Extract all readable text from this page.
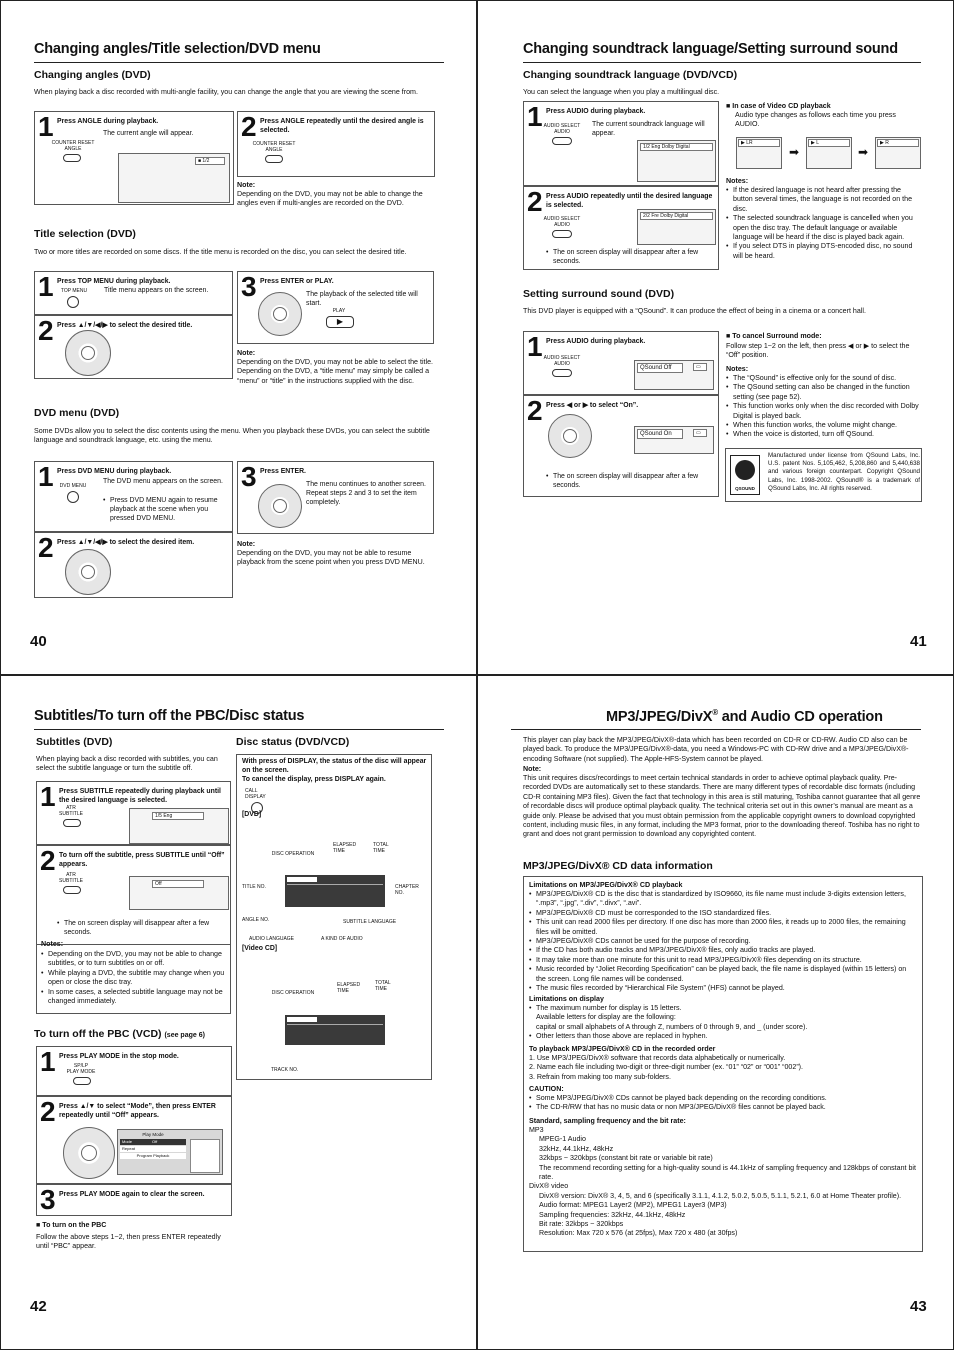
Changing angles/Title selection/DVD menu
Changing angles (DVD)
When playing back a disc recorded with multi-angle facility, you can change the angle that you are viewing the scene from.
1 Press ANGLE during playback.
The current angle will appear.
COUNTER RESET
ANGLE
■ 1/2
2 Press ANGLE repeatedly until the desired angle is selected.
COUNTER RESET
ANGLE
Note:
Depending on the DVD, you may not be able to change the angles even if multi-angles are recorded on the DVD.
Title selection (DVD)
Two or more titles are recorded on some discs. If the title menu is recorded on the disc, you can select the desired title.
1 Press TOP MENU during playback.
Title menu appears on the screen.
TOP MENU
2 Press ▲/▼/◀/▶ to select the desired title.
3 Press ENTER or PLAY.
The playback of the selected title will start.
PLAY
▶
Note:
Depending on the DVD, you may not be able to select the title. Depending on the DVD, a “title menu” may simply be called a “menu” or “title” in the instructions supplied with the disc.
DVD menu (DVD)
Some DVDs allow you to select the disc contents using the menu. When you playback these DVDs, you can select the subtitle language and soundtrack language, etc. using the menu.
1 Press DVD MENU during playback.
The DVD menu appears on the screen.
• Press DVD MENU again to resume playback at the scene when you pressed DVD MENU.
DVD MENU
2 Press ▲/▼/◀/▶ to select the desired item.
3 Press ENTER.
The menu continues to another screen. Repeat steps 2 and 3 to set the item completely.
Note:
Depending on the DVD, you may not be able to resume playback from the scene point when you press DVD MENU.
40
Changing soundtrack language/Setting surround sound
Changing soundtrack language (DVD/VCD)
You can select the language when you play a multilingual disc.
1 Press AUDIO during playback.
The current soundtrack language will appear.
AUDIO SELECT
AUDIO
1/2 Eng Dolby Digital
2 Press AUDIO repeatedly until the desired language is selected.
AUDIO SELECT
AUDIO
2/2 Fre Dolby Digital
• The on screen display will disappear after a few seconds.
■ In case of Video CD playback
Audio type changes as follows each time you press AUDIO.
▶ LR
➡
▶ L
➡
▶ R
Notes:
• If the desired language is not heard after pressing the button several times, the language is not recorded on the disc.
• The selected soundtrack language is cancelled when you open the disc tray. The default language or available language will be heard if the disc is played back again.
• If you select DTS in playing DTS-encoded disc, no sound will be heard.
Setting surround sound (DVD)
This DVD player is equipped with a “QSound”. It can produce the effect of being in a cinema or a concert hall.
1 Press AUDIO during playback.
AUDIO SELECT
AUDIO
QSound Off	▭
2 Press ◀ or ▶ to select “On”.
QSound On	▭
• The on screen display will disappear after a few seconds.
■ To cancel Surround mode:
Follow step 1~2 on the left, then press ◀ or ▶ to select the “Off” position.
Notes:
• The “QSound” is effective only for the sound of disc.
• The QSound setting can also be changed in the function setting (see page 52).
• This function works only when the disc recorded with Dolby Digital is played back.
• When this function works, the volume might change.
• When the voice is distorted, turn off QSound.
QSOUND
Manufactured under license from QSound Labs, Inc. U.S. patent Nos. 5,105,462, 5,208,860 and 5,440,638 and various foreign counterpart. Copyright QSound Labs, Inc. 1998-2002. QSound® is a trademark of QSound Labs, Inc. All rights reserved.
41
Subtitles/To turn off the PBC/Disc status
Subtitles (DVD)
When playing back a disc recorded with subtitles, you can select the subtitle language or turn the subtitle off.
1 Press SUBTITLE repeatedly during playback until the desired language is selected.
ATR
SUBTITLE	1/5 Eng
2 To turn off the subtitle, press SUBTITLE until “Off” appears.
ATR
SUBTITLE	Off
• The on screen display will disappear after a few seconds.
Notes:
• Depending on the DVD, you may not be able to change subtitles, or to turn subtitles on or off.
• While playing a DVD, the subtitle may change when you open or close the disc tray.
• In some cases, a selected subtitle language may not be changed immediately.
To turn off the PBC (VCD) (see page 6)
1 Press PLAY MODE in the stop mode.
SP/LP
PLAY MODE
2 Press ▲/▼ to select “Mode”, then press ENTER repeatedly until “Off” appears.
Play Mode
Mode	Off
Repeat
Program Playback
3 Press PLAY MODE again to clear the screen.
■ To turn on the PBC
Follow the above steps 1~2, then press ENTER repeatedly until “PBC” appear.
Disc status (DVD/VCD)
With press of DISPLAY, the status of the disc will appear on the screen.
To cancel the display, press DISPLAY again.
CALL
DISPLAY
[DVD]
DISC OPERATION
ELAPSED TIME
TOTAL TIME
TITLE NO.	CHAPTER NO.
ANGLE NO.	SUBTITLE LANGUAGE
AUDIO LANGUAGE	A KIND OF AUDIO
[Video CD]
DISC OPERATION
ELAPSED TIME
TOTAL TIME
TRACK NO.
42
MP3/JPEG/DivX® and Audio CD operation
This player can play back the MP3/JPEG/DivX®-data which has been recorded on CD-R or CD-RW. Audio CD also can be played back. To produce the MP3/JPEG/DivX®-data, you need a Windows-PC with CD-RW drive and a MP3/JPEG/DivX®-encoding Software (not supplied). The Apple-HFS-System cannot be played.
Note:
This unit requires discs/recordings to meet certain technical standards in order to achieve optimal playback quality. Pre-recorded DVDs are automatically set to these standards. There are many different types of recordable disc formats (including CD-R containing MP3 files). Given the fact that technology in this area is still maturing, Toshiba cannot guarantee that all genre of recordable discs will produce optimal playback quality. The technical criteria set out in this owner’s manual are meant as a guide only. Please be advised that you must obtain permission from the applicable copyright owners to download copyrighted content, including music files, in any format, including the MP3 format, prior to the downloading thereof. Toshiba has no right to grant and does not grant permission to download any copyrighted content.
MP3/JPEG/DivX® CD data information
Limitations on MP3/JPEG/DivX® CD playback
• MP3/JPEG/DivX® CD is the disc that is standardized by ISO9660, its file name must include 3-digits extension letters, “.mp3”, “.jpg”, “.div”, “.divx”, “.avi”.
• MP3/JPEG/DivX® CD must be corresponded to the ISO standardized files.
• This unit can read 2000 files per directory. If one disc has more than 2000 files, it reads up to 2000 files, the remaining files will be omitted.
• MP3/JPEG/DivX® CDs cannot be used for the purpose of recording.
• If the CD has both audio tracks and MP3/JPEG/DivX® files, only audio tracks are played.
• It may take more than one minute for this unit to read MP3/JPEG/DivX® files depending on its structure.
• Music recorded by “Joliet Recording Specification” can be played back, the file name is displayed (within 15 letters) on the screen. Long file names will be condensed.
• The music files recorded by “Hierarchical File System” (HFS) cannot be played.
Limitations on display
• The maximum number for display is 15 letters.
Available letters for display are the following:
capital or small alphabets of A through Z, numbers of 0 through 9, and _ (under score).
• Other letters than those above are replaced in hyphen.
To playback MP3/JPEG/DivX® CD in the recorded order
1. Use MP3/JPEG/DivX® software that records data alphabetically or numerically.
2. Name each file including two-digit or three-digit number (ex. “01” “02” or “001” “002”).
3. Refrain from making too many sub-folders.
CAUTION:
• Some MP3/JPEG/DivX® CDs cannot be played back depending on the recording conditions.
• The CD-R/RW that has no music data or non MP3/JPEG/DivX® files cannot be played back.
Standard, sampling frequency and the bit rate:
MP3
MPEG-1 Audio
32kHz, 44.1kHz, 48kHz
32kbps ~ 320kbps (constant bit rate or variable bit rate)
The recommend recording setting for a high-quality sound is 44.1kHz of sampling frequency and 128kbps of constant bit rate.
DivX® video
DivX® version: DivX® 3, 4, 5, and 6 (specifically 3.1.1, 4.1.2, 5.0.2, 5.0.5, 5.1.1, 5.2.1, 6.0 at Home Theater profile).
Audio format: MPEG1 Layer2 (MP2), MPEG1 Layer3 (MP3)
Sampling frequencies: 32kHz, 44.1kHz, 48kHz
Bit rate: 32kbps ~ 320kbps
Resolution: Max 720 x 576 (at 25fps), Max 720 x 480 (at 30fps)
43
